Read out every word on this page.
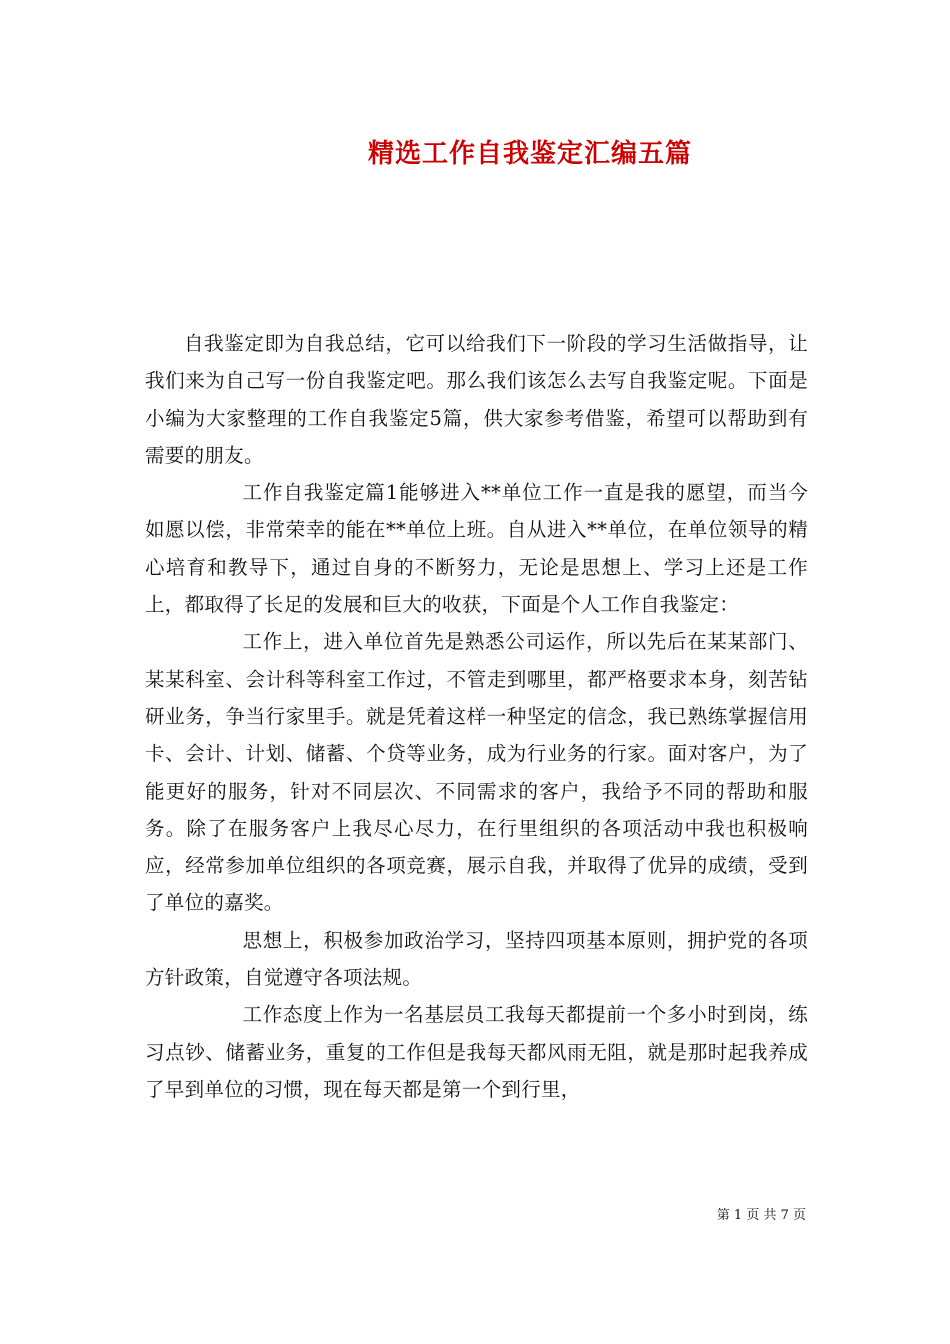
精选工作自我鉴定汇编五篇

自我鉴定即为自我总结，它可以给我们下一阶段的学习生活做指导，让我们来为自己写一份自我鉴定吧。那么我们该怎么去写自我鉴定呢。下面是小编为大家整理的工作自我鉴定5篇，供大家参考借鉴，希望可以帮助到有需要的朋友。

工作自我鉴定篇1能够进入**单位工作一直是我的愿望，而当今如愿以偿，非常荣幸的能在**单位上班。自从进入**单位，在单位领导的精心培育和教导下，通过自身的不断努力，无论是思想上、学习上还是工作上，都取得了长足的发展和巨大的收获，下面是个人工作自我鉴定：

工作上，进入单位首先是熟悉公司运作，所以先后在某某部门、某某科室、会计科等科室工作过，不管走到哪里，都严格要求本身，刻苦钻研业务，争当行家里手。就是凭着这样一种坚定的信念，我已熟练掌握信用卡、会计、计划、储蓄、个贷等业务，成为行业务的行家。面对客户，为了能更好的服务，针对不同层次、不同需求的客户，我给予不同的帮助和服务。除了在服务客户上我尽心尽力，在行里组织的各项活动中我也积极响应，经常参加单位组织的各项竞赛，展示自我，并取得了优异的成绩，受到了单位的嘉奖。

思想上，积极参加政治学习，坚持四项基本原则，拥护党的各项方针政策，自觉遵守各项法规。

工作态度上作为一名基层员工我每天都提前一个多小时到岗，练习点钞、储蓄业务，重复的工作但是我每天都风雨无阻，就是那时起我养成了早到单位的习惯，现在每天都是第一个到行里，

第 1 页 共 7 页
